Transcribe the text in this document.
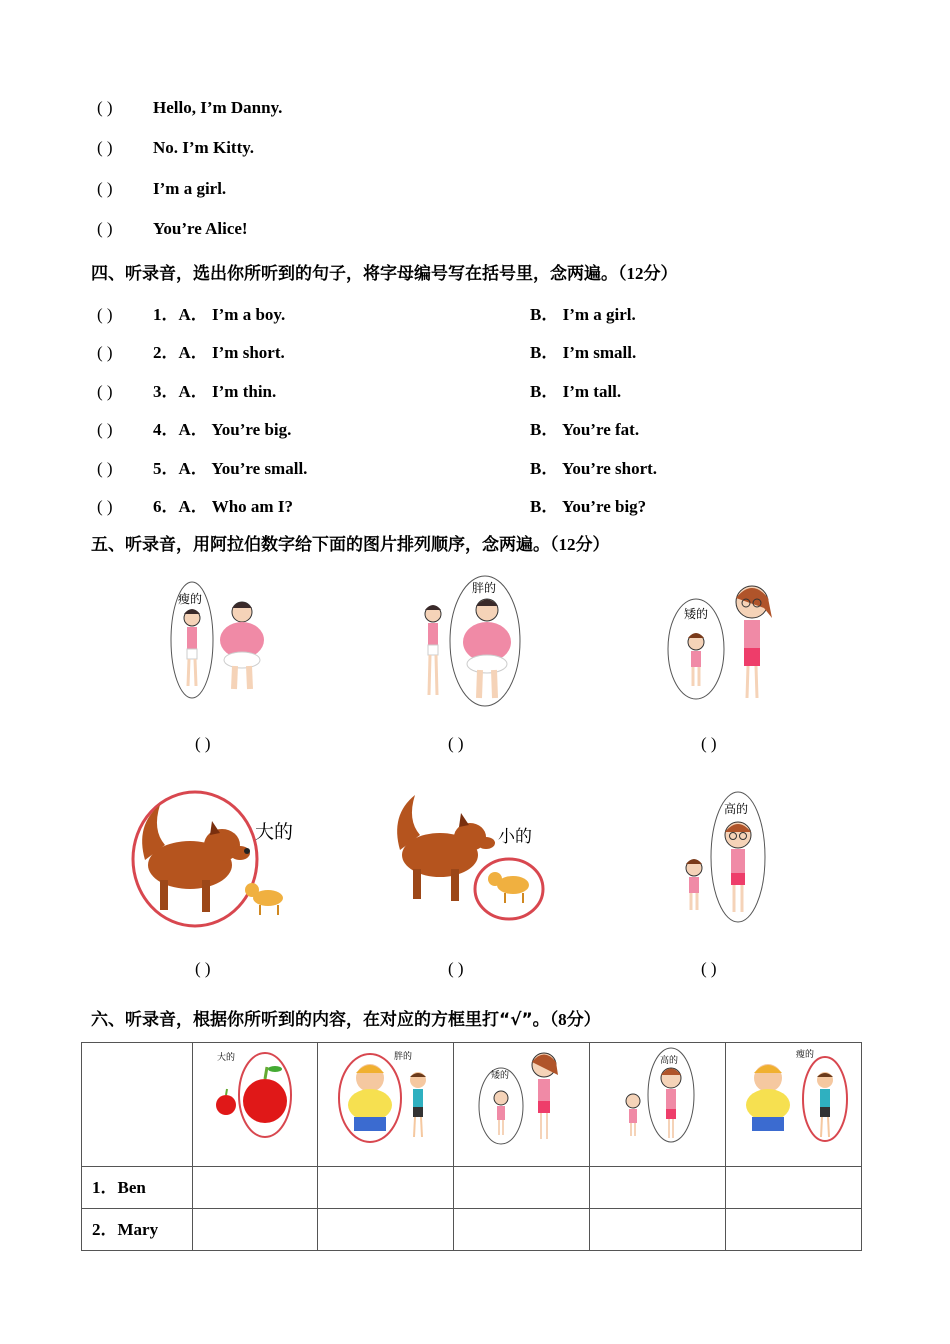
( ) Hello, I’m Danny.
( ) No. I’m Kitty.
( ) I’m a girl.
( ) You’re Alice!
四、听录音，选出你所听到的句子，将字母编号写在括号里，念两遍。（12分）
( ) 1．A． I’m a boy.	B． I’m a girl.
( ) 2．A． I’m short.	B． I’m small.
( ) 3．A． I’m thin.	B． I’m tall.
( ) 4．A． You’re big.	B． You’re fat.
( ) 5．A． You’re small.	B． You’re short.
( ) 6．A． Who am I?	B． You’re big?
五、听录音，用阿拉伯数字给下面的图片排列顺序，念两遍。（12分）
瘦的
胖的
矮的
( )	( )	( )
大的	小的
高的
( )	( )	( )
六、听录音，根据你所听到的内容，在对应的方框里打“√”。（8分）

大的	胖的	矮的	高的	瘦的

1．Ben					
2．Mary					
